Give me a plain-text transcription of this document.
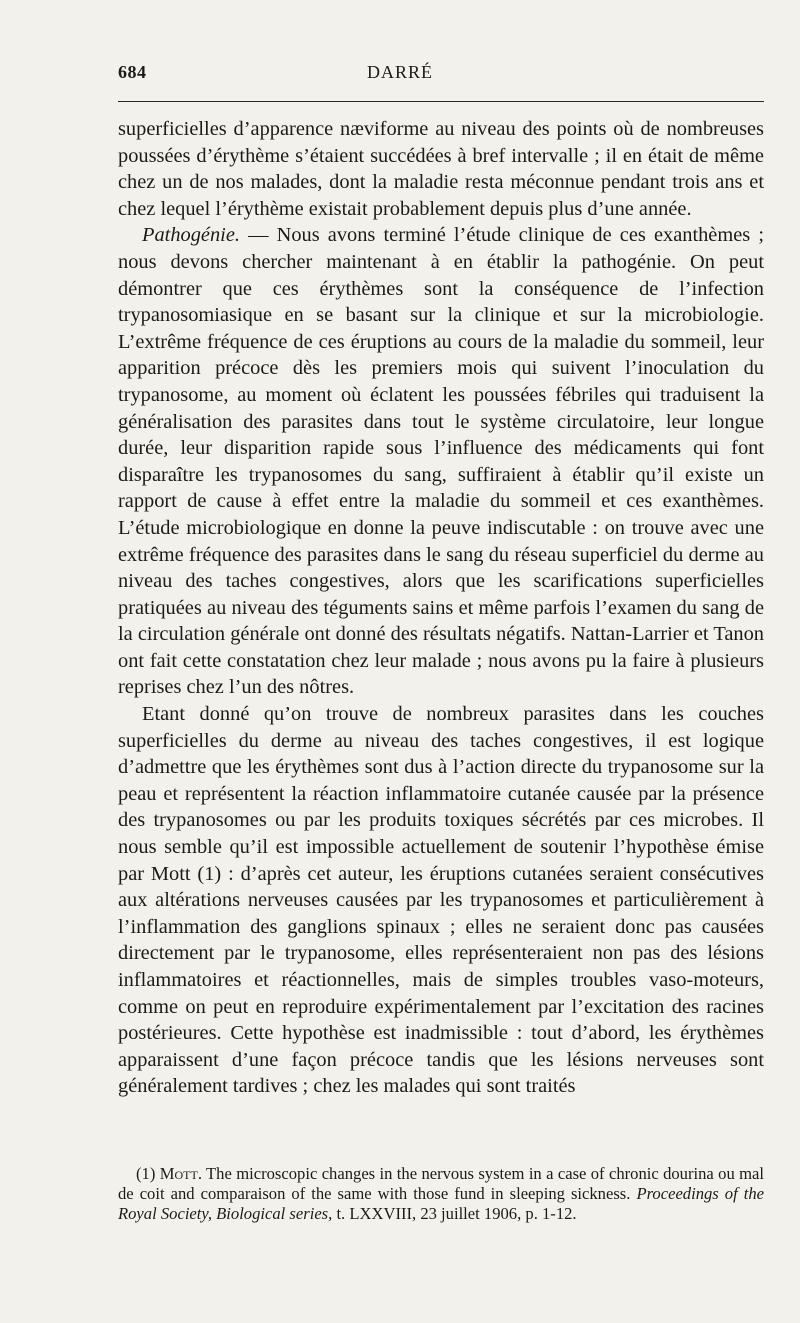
684	DARRÉ

superficielles d’apparence næviforme au niveau des points où de nombreuses poussées d’érythème s’étaient succédées à bref intervalle ; il en était de même chez un de nos malades, dont la maladie resta méconnue pendant trois ans et chez lequel l’érythème existait probablement depuis plus d’une année.

Pathogénie. — Nous avons terminé l’étude clinique de ces exanthèmes ; nous devons chercher maintenant à en établir la pathogénie. On peut démontrer que ces érythèmes sont la conséquence de l’infection trypanosomiasique en se basant sur la clinique et sur la microbiologie. L’extrême fréquence de ces éruptions au cours de la maladie du sommeil, leur apparition précoce dès les premiers mois qui suivent l’inoculation du trypanosome, au moment où éclatent les poussées fébriles qui traduisent la généralisation des parasites dans tout le système circulatoire, leur longue durée, leur disparition rapide sous l’influence des médicaments qui font disparaître les trypanosomes du sang, suffiraient à établir qu’il existe un rapport de cause à effet entre la maladie du sommeil et ces exanthèmes. L’étude microbiologique en donne la peuve indiscutable : on trouve avec une extrême fréquence des parasites dans le sang du réseau superficiel du derme au niveau des taches congestives, alors que les scarifications superficielles pratiquées au niveau des téguments sains et même parfois l’examen du sang de la circulation générale ont donné des résultats négatifs. Nattan-Larrier et Tanon ont fait cette constatation chez leur malade ; nous avons pu la faire à plusieurs reprises chez l’un des nôtres.

Etant donné qu’on trouve de nombreux parasites dans les couches superficielles du derme au niveau des taches congestives, il est logique d’admettre que les érythèmes sont dus à l’action directe du trypanosome sur la peau et représentent la réaction inflammatoire cutanée causée par la présence des trypanosomes ou par les produits toxiques sécrétés par ces microbes. Il nous semble qu’il est impossible actuellement de soutenir l’hypothèse émise par Mott (1) : d’après cet auteur, les éruptions cutanées seraient consécutives aux altérations nerveuses causées par les trypanosomes et particulièrement à l’inflammation des ganglions spinaux ; elles ne seraient donc pas causées directement par le trypanosome, elles représenteraient non pas des lésions inflammatoires et réactionnelles, mais de simples troubles vaso-moteurs, comme on peut en reproduire expérimentalement par l’excitation des racines postérieures. Cette hypothèse est inadmissible : tout d’abord, les érythèmes apparaissent d’une façon précoce tandis que les lésions nerveuses sont généralement tardives ; chez les malades qui sont traités

(1) Mott. The microscopic changes in the nervous system in a case of chronic dourina ou mal de coit and comparaison of the same with those fund in sleeping sickness. Proceedings of the Royal Society, Biological series, t. LXXVIII, 23 juillet 1906, p. 1-12.
